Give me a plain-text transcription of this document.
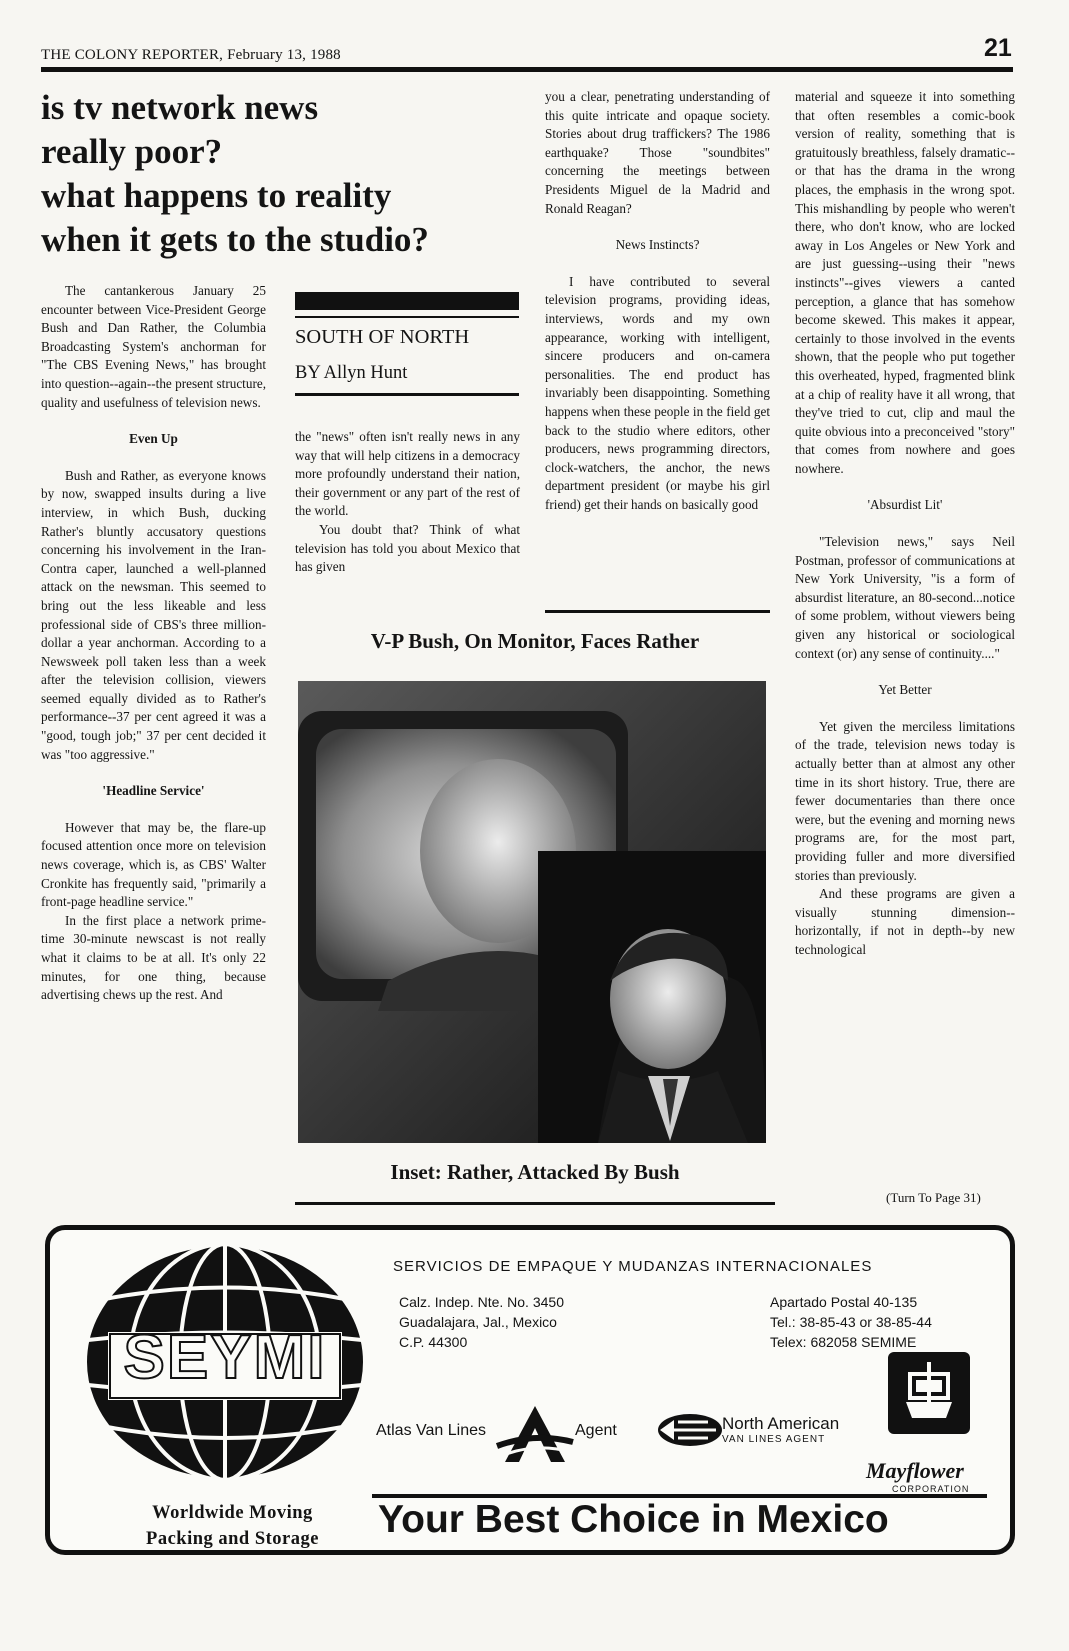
THE COLONY REPORTER, February 13, 1988	21
is tv network news
really poor?
what happens to reality
when it gets to the studio?

The cantankerous January 25 encounter between Vice-President George Bush and Dan Rather, the Columbia Broadcasting System's anchorman for "The CBS Evening News," has brought into question--again--the present structure, quality and usefulness of television news.

Even Up

Bush and Rather, as everyone knows by now, swapped insults during a live interview, in which Bush, ducking Rather's bluntly accusatory questions concerning his involvement in the Iran-Contra caper, launched a well-planned attack on the newsman. This seemed to bring out the less likeable and less professional side of CBS's three million-dollar a year anchorman. According to a Newsweek poll taken less than a week after the television collision, viewers seemed equally divided as to Rather's performance--37 per cent agreed it was a "good, tough job;" 37 per cent decided it was "too aggressive."

'Headline Service'

However that may be, the flare-up focused attention once more on television news coverage, which is, as CBS' Walter Cronkite has frequently said, "primarily a front-page headline service."

In the first place a network prime-time 30-minute newscast is not really what it claims to be at all. It's only 22 minutes, for one thing, because advertising chews up the rest. And

SOUTH OF NORTH
BY Allyn Hunt

the "news" often isn't really news in any way that will help citizens in a democracy more profoundly understand their nation, their government or any part of the rest of the world.

You doubt that? Think of what television has told you about Mexico that has given

you a clear, penetrating understanding of this quite intricate and opaque society. Stories about drug traffickers? The 1986 earthquake? Those "soundbites" concerning the meetings between Presidents Miguel de la Madrid and Ronald Reagan?

News Instincts?

I have contributed to several television programs, providing ideas, interviews, words and my own appearance, working with intelligent, sincere producers and on-camera personalities. The end product has invariably been disappointing. Something happens when these people in the field get back to the studio where editors, other producers, news programming directors, clock-watchers, the anchor, the news department president (or maybe his girl friend) get their hands on basically good

material and squeeze it into something that often resembles a comic-book version of reality, something that is gratuitously breathless, falsely dramatic--or that has the drama in the wrong places, the emphasis in the wrong spot. This mishandling by people who weren't there, who don't know, who are locked away in Los Angeles or New York and are just guessing--using their "news instincts"--gives viewers a canted perception, a glance that has somehow become skewed. This makes it appear, certainly to those involved in the events shown, that the people who put together this overheated, hyped, fragmented blink at a chip of reality have it all wrong, that they've tried to cut, clip and maul the quite obvious into a preconceived "story" that comes from nowhere and goes nowhere.

'Absurdist Lit'

"Television news," says Neil Postman, professor of communications at New York University, "is a form of absurdist literature, an 80-second...notice of some problem, without viewers being given any historical or sociological context (or) any sense of continuity...."

Yet Better

Yet given the merciless limitations of the trade, television news today is actually better than at almost any other time in its short history. True, there are fewer documentaries than there once were, but the evening and morning news programs are, for the most part, providing fuller and more diversified stories than previously.

And these programs are given a visually stunning dimension--horizontally, if not in depth--by new technological

(Turn To Page 31)
V-P Bush, On Monitor, Faces Rather
Inset: Rather, Attacked By Bush
SEYMI
SERVICIOS DE EMPAQUE Y MUDANZAS INTERNACIONALES
Calz. Indep. Nte. No. 3450
Guadalajara, Jal., Mexico
C.P. 44300
Apartado Postal 40-135
Tel.: 38-85-43 or 38-85-44
Telex: 682058 SEMIME
Atlas Van Lines	Agent	North American
VAN LINES AGENT
Mayflower
CORPORATION
Worldwide Moving
Packing and Storage	Your Best Choice in Mexico
